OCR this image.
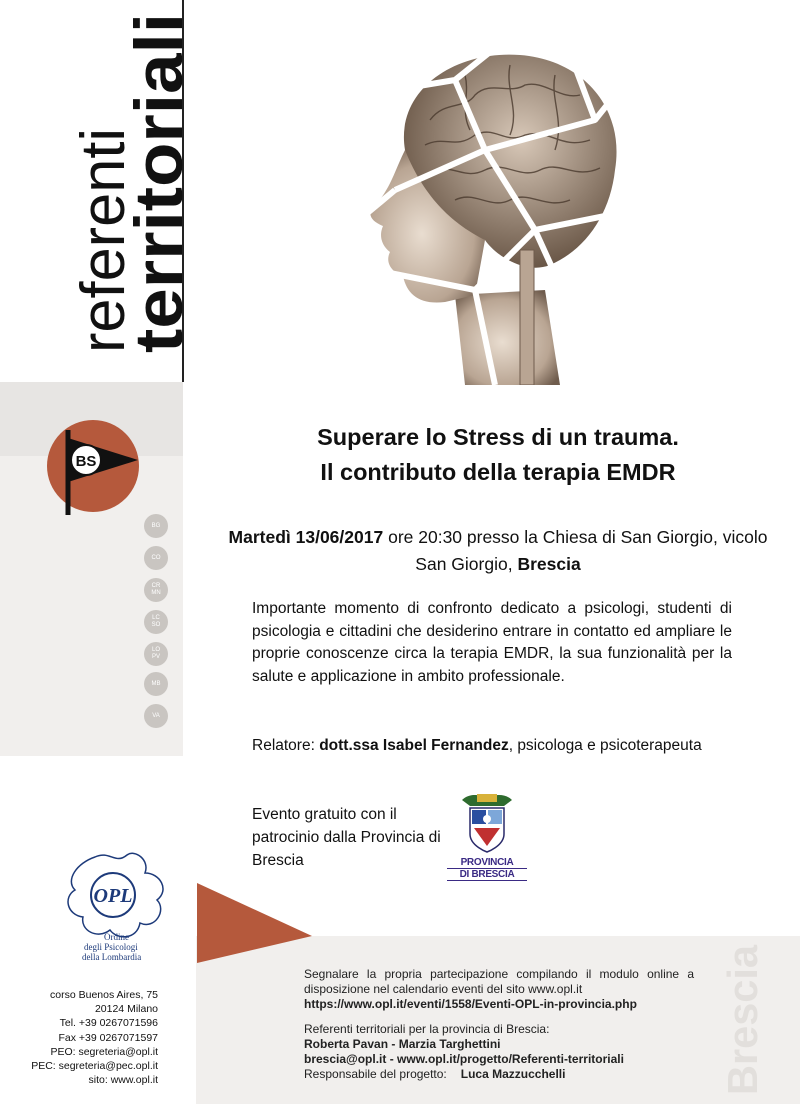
referenti
territoriali
BS
BG
CO
CR
MN
LC
SO
LO
PV
MB
VA
OPL
Ordine
degli Psicologi
della Lombardia
corso Buenos Aires, 75
20124 Milano
Tel. +39 0267071596
Fax +39 0267071597
PEO: segreteria@opl.it
PEC: segreteria@pec.opl.it
sito: www.opl.it
Superare lo Stress di un trauma.
Il contributo della terapia EMDR
Martedì 13/06/2017 ore 20:30 presso la Chiesa di San Giorgio, vicolo San Giorgio, Brescia
Importante momento di confronto dedicato a psicologi, studenti di psicologia e cittadini che desiderino entrare in contatto ed ampliare le proprie conoscenze circa la terapia EMDR, la sua funzionalità per la salute e applicazione in ambito professionale.
Relatore: dott.ssa Isabel Fernandez, psicologa e psicoterapeuta
Evento gratuito con il patrocinio dalla Provincia di Brescia	PROVINCIA
DI BRESCIA
Brescia
Segnalare la propria partecipazione compilando il modulo online a disposizione nel calendario eventi del sito www.opl.it
https://www.opl.it/eventi/1558/Eventi-OPL-in-provincia.php
Referenti territoriali per la provincia di Brescia:
Roberta Pavan - Marzia Targhettini
brescia@opl.it - www.opl.it/progetto/Referenti-territoriali
Responsabile del progetto: Luca Mazzucchelli
